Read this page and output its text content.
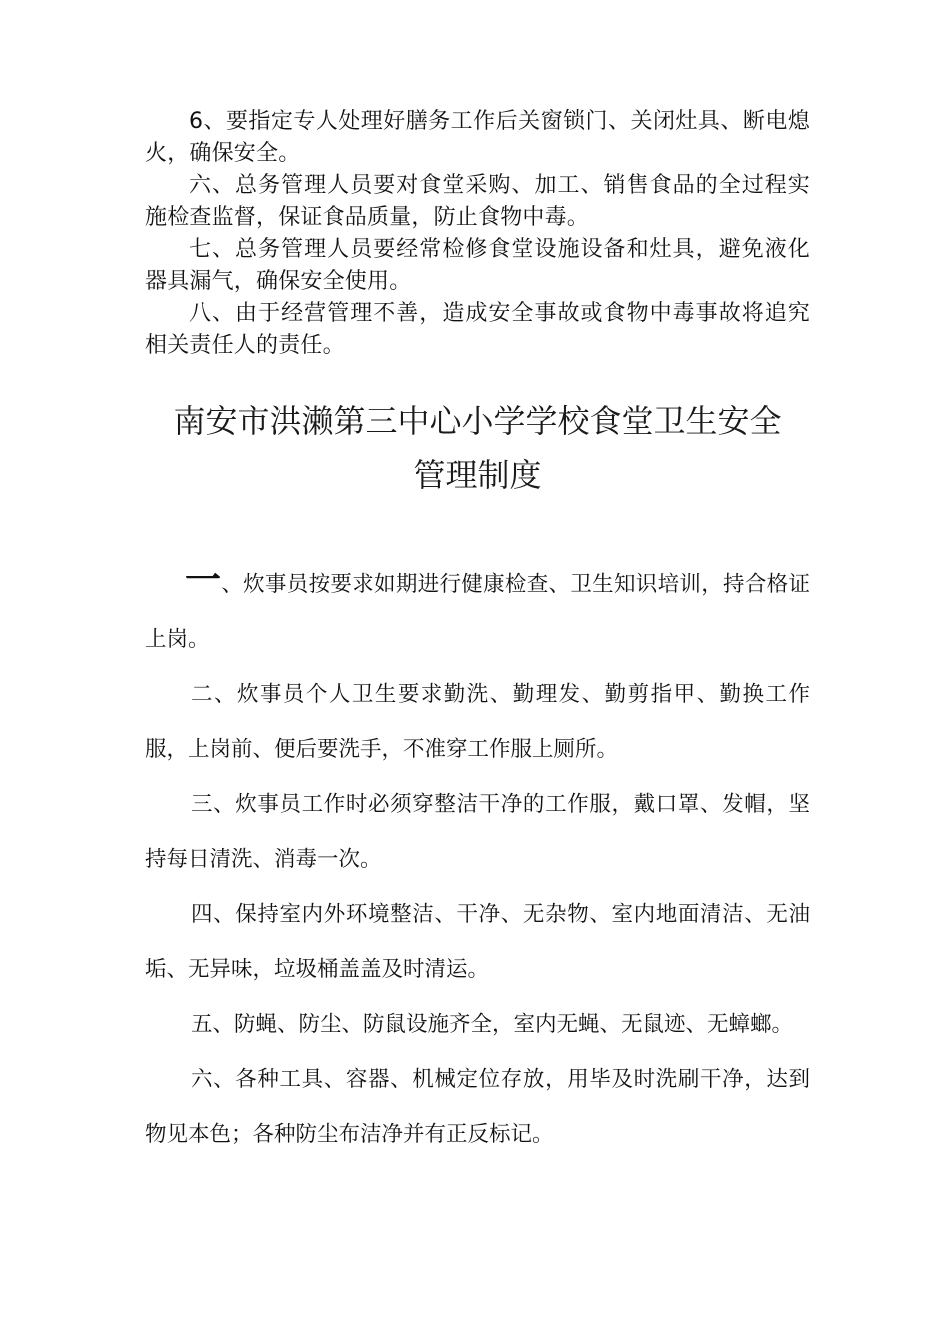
6、要指定专人处理好膳务工作后关窗锁门、关闭灶具、断电熄火，确保安全。

六、总务管理人员要对食堂采购、加工、销售食品的全过程实施检查监督，保证食品质量，防止食物中毒。

七、总务管理人员要经常检修食堂设施设备和灶具，避免液化器具漏气，确保安全使用。

八、由于经营管理不善，造成安全事故或食物中毒事故将追究相关责任人的责任。

南安市洪濑第三中心小学学校食堂卫生安全
管理制度

一、炊事员按要求如期进行健康检查、卫生知识培训，持合格证上岗。

二、炊事员个人卫生要求勤洗、勤理发、勤剪指甲、勤换工作服，上岗前、便后要洗手，不准穿工作服上厕所。

三、炊事员工作时必须穿整洁干净的工作服，戴口罩、发帽，坚持每日清洗、消毒一次。

四、保持室内外环境整洁、干净、无杂物、室内地面清洁、无油垢、无异味，垃圾桶盖盖及时清运。

五、防蝇、防尘、防鼠设施齐全，室内无蝇、无鼠迹、无蟑螂。

六、各种工具、容器、机械定位存放，用毕及时洗刷干净，达到物见本色；各种防尘布洁净并有正反标记。
